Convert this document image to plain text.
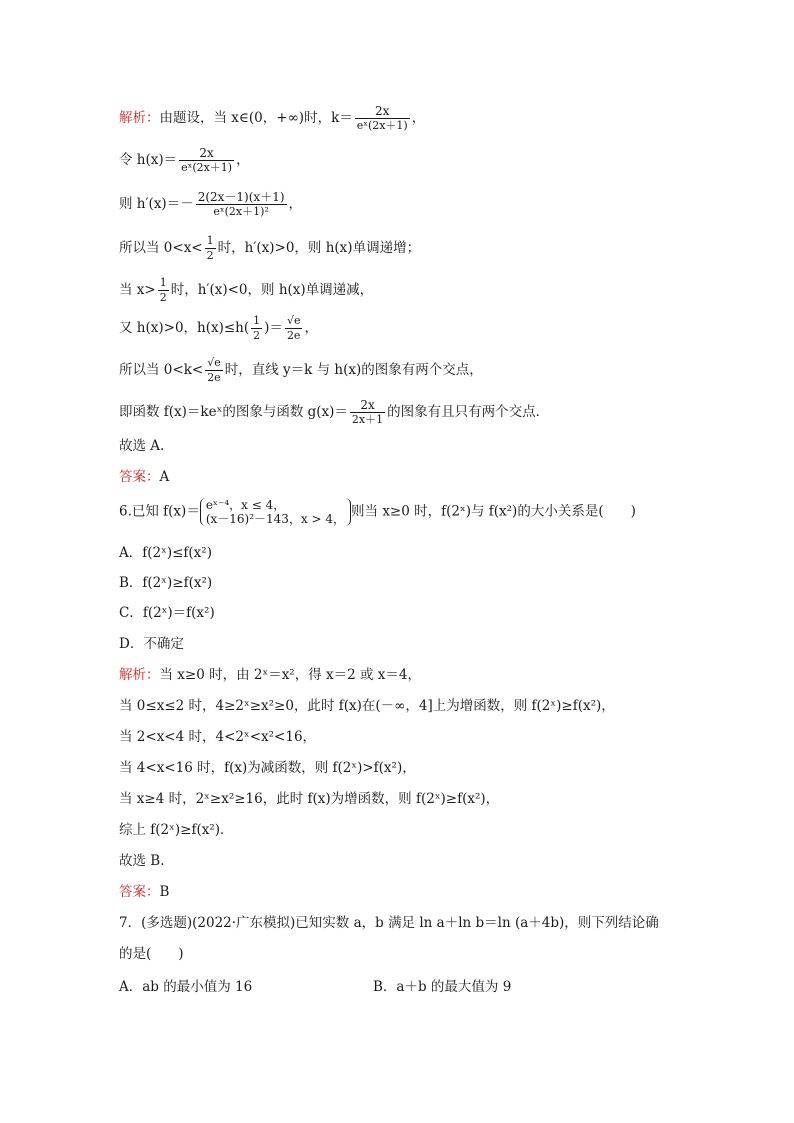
解析：由题设，当 x∈(0，+∞)时，$k= \frac{2x}{\text{eˣ(2x＋1)}}$ ，
令 $h(x)= \frac{2x}{\text{eˣ(2x＋1)}}$ ，
则 $h'(x)=- \frac{2(2x-1)(x+1)}{\text{eˣ(2x＋1)²}}$ ，
所以当 $0<x< \frac{1}{2}$ 时，h′(x)>0，则 h(x)单调递增；
当 $x> \frac{1}{2}$ 时，h′(x)<0，则 h(x)单调递减，
又 h(x)>0，$h(x)\le h( \frac{1}{2}$ )＝ $\frac{√e}{2e}$ ，
所以当 $0<k< \frac{√e}{2e}$ 时，直线 y＝k 与 h(x)的图象有两个交点，
即函数 f(x)＝keˣ的图象与函数 $g(x)= \frac{2x}{2x+1}$ 的图象有且只有两个交点．
故选 A.
答案：A
6.已知 f(x)＝ eˣ⁻⁴，x ≤ 4，
(x－16)²－143，x > 4， 则当 x≥0 时，f(2ˣ)与 f(x²)的大小关系是(　　)
A．f(2ˣ)≤f(x²)
B．f(2ˣ)≥f(x²)
C．f(2ˣ)＝f(x²)
D．不确定
解析：当 x≥0 时，由 2ˣ＝x²，得 x＝2 或 x＝4，
当 0≤x≤2 时，4≥2ˣ≥x²≥0，此时 f(x)在(－∞，4]上为增函数，则 f(2ˣ)≥f(x²)，
当 2<x<4 时，4<2ˣ<x²<16，
当 4<x<16 时，f(x)为减函数，则 f(2ˣ)>f(x²)，
当 x≥4 时，2ˣ≥x²≥16，此时 f(x)为增函数，则 f(2ˣ)≥f(x²)，
综上 f(2ˣ)≥f(x²)．
故选 B.
答案：B
7．(多选题)(2022·广东模拟)已知实数 a，b 满足 ln a＋ln b＝ln (a＋4b)，则下列结论确
的是(　　)
A．ab 的最小值为 16	B．a＋b 的最大值为 9
